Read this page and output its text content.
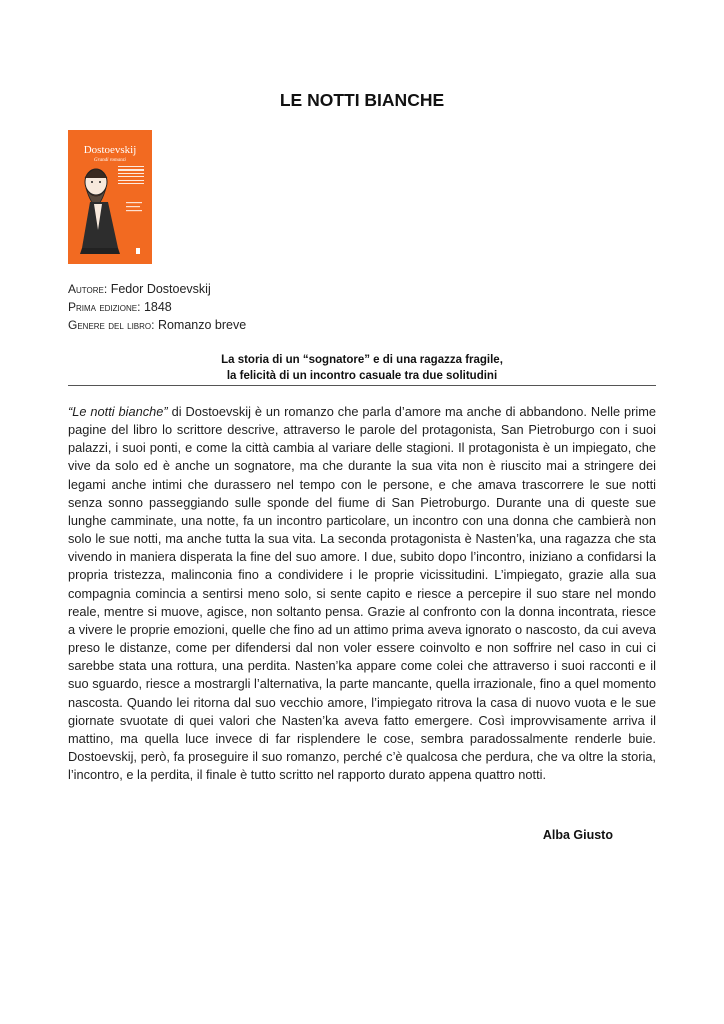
LE NOTTI BIANCHE
Dostoevskij
Grandi romanzi
Autore: Fedor Dostoevskij
Prima edizione: 1848
Genere del libro: Romanzo breve
La storia di un “sognatore” e di una ragazza fragile,
la felicità di un incontro casuale tra due solitudini
“Le notti bianche” di Dostoevskij è un romanzo che parla d’amore ma anche di abbandono. Nelle prime pagine del libro lo scrittore descrive, attraverso le parole del protagonista, San Pietroburgo con i suoi palazzi, i suoi ponti, e come la città cambia al variare delle stagioni. Il protagonista è un impiegato, che vive da solo ed è anche un sognatore, ma che durante la sua vita non è riuscito mai a stringere dei legami anche intimi che durassero nel tempo con le persone, e che amava trascorrere le sue notti senza sonno passeggiando sulle sponde del fiume di San Pietroburgo. Durante una di queste sue lunghe camminate, una notte, fa un incontro particolare, un incontro con una donna che cambierà non solo le sue notti, ma anche tutta la sua vita. La seconda protagonista è Nasten’ka, una ragazza che sta vivendo in maniera disperata la fine del suo amore. I due, subito dopo l’incontro, iniziano a confidarsi la propria tristezza, malinconia fino a condividere i le proprie vicissitudini. L’impiegato, grazie alla sua compagnia comincia a sentirsi meno solo, si sente capito e riesce a percepire il suo stare nel mondo reale, mentre si muove, agisce, non soltanto pensa. Grazie al confronto con la donna incontrata, riesce a vivere le proprie emozioni, quelle che fino ad un attimo prima aveva ignorato o nascosto, da cui aveva preso le distanze, come per difendersi dal non voler essere coinvolto e non soffrire nel caso in cui ci sarebbe stata una rottura, una perdita. Nasten’ka appare come colei che attraverso i suoi racconti e il suo sguardo, riesce a mostrargli l’alternativa, la parte mancante, quella irrazionale, fino a quel momento nascosta. Quando lei ritorna dal suo vecchio amore, l’impiegato ritrova la casa di nuovo vuota e le sue giornate svuotate di quei valori che Nasten’ka aveva fatto emergere. Così improvvisamente arriva il mattino, ma quella luce invece di far risplendere le cose, sembra paradossalmente renderle buie. Dostoevskij, però, fa proseguire il suo romanzo, perché c’è qualcosa che perdura, che va oltre la storia, l’incontro, e la perdita, il finale è tutto scritto nel rapporto durato appena quattro notti.
Alba Giusto
